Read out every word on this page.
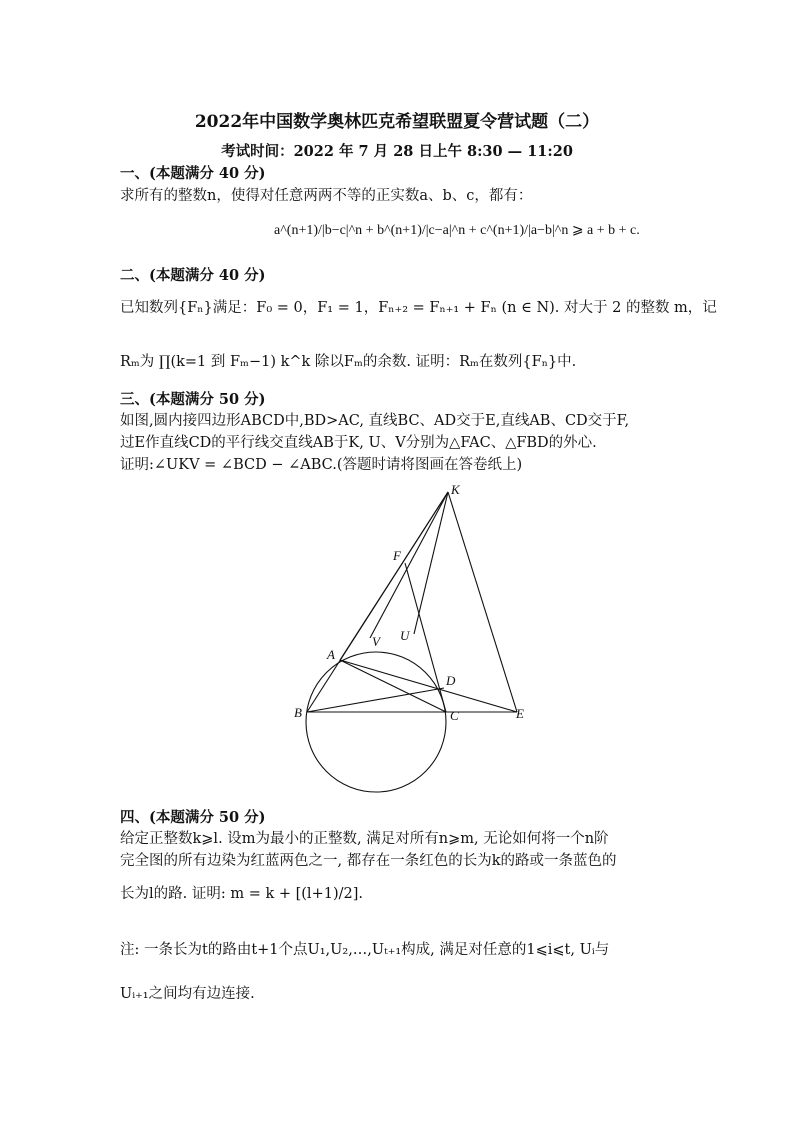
2022年中国数学奥林匹克希望联盟夏令营试题（二）
考试时间：2022 年 7 月 28 日上午 8:30 — 11:20
一、(本题满分 40 分)
求所有的整数n，使得对任意两两不等的正实数a、b、c，都有：
a^(n+1)/|b−c|^n + b^(n+1)/|c−a|^n + c^(n+1)/|a−b|^n ⩾ a + b + c.
二、(本题满分 40 分)
已知数列{Fₙ}满足：F₀ = 0，F₁ = 1，Fₙ₊₂ = Fₙ₊₁ + Fₙ (n ∈ N). 对大于 2 的整数 m，记
Rₘ为 ∏(k=1 到 Fₘ−1) k^k 除以Fₘ的余数. 证明：Rₘ在数列{Fₙ}中.
三、(本题满分 50 分)
如图,圆内接四边形ABCD中,BD>AC, 直线BC、AD交于E,直线AB、CD交于F,
过E作直线CD的平行线交直线AB于K, U、V分别为△FAC、△FBD的外心.
证明:∠UKV = ∠BCD − ∠ABC.(答题时请将图画在答卷纸上)
K
F
V U
A
D
B	C	E
四、(本题满分 50 分)
给定正整数k⩾l. 设m为最小的正整数, 满足对所有n⩾m, 无论如何将一个n阶
完全图的所有边染为红蓝两色之一, 都存在一条红色的长为k的路或一条蓝色的
长为l的路. 证明: m = k + [(l+1)/2].
注: 一条长为t的路由t+1个点U₁,U₂,…,Uₜ₊₁构成, 满足对任意的1⩽i⩽t, Uᵢ与
Uᵢ₊₁之间均有边连接.
